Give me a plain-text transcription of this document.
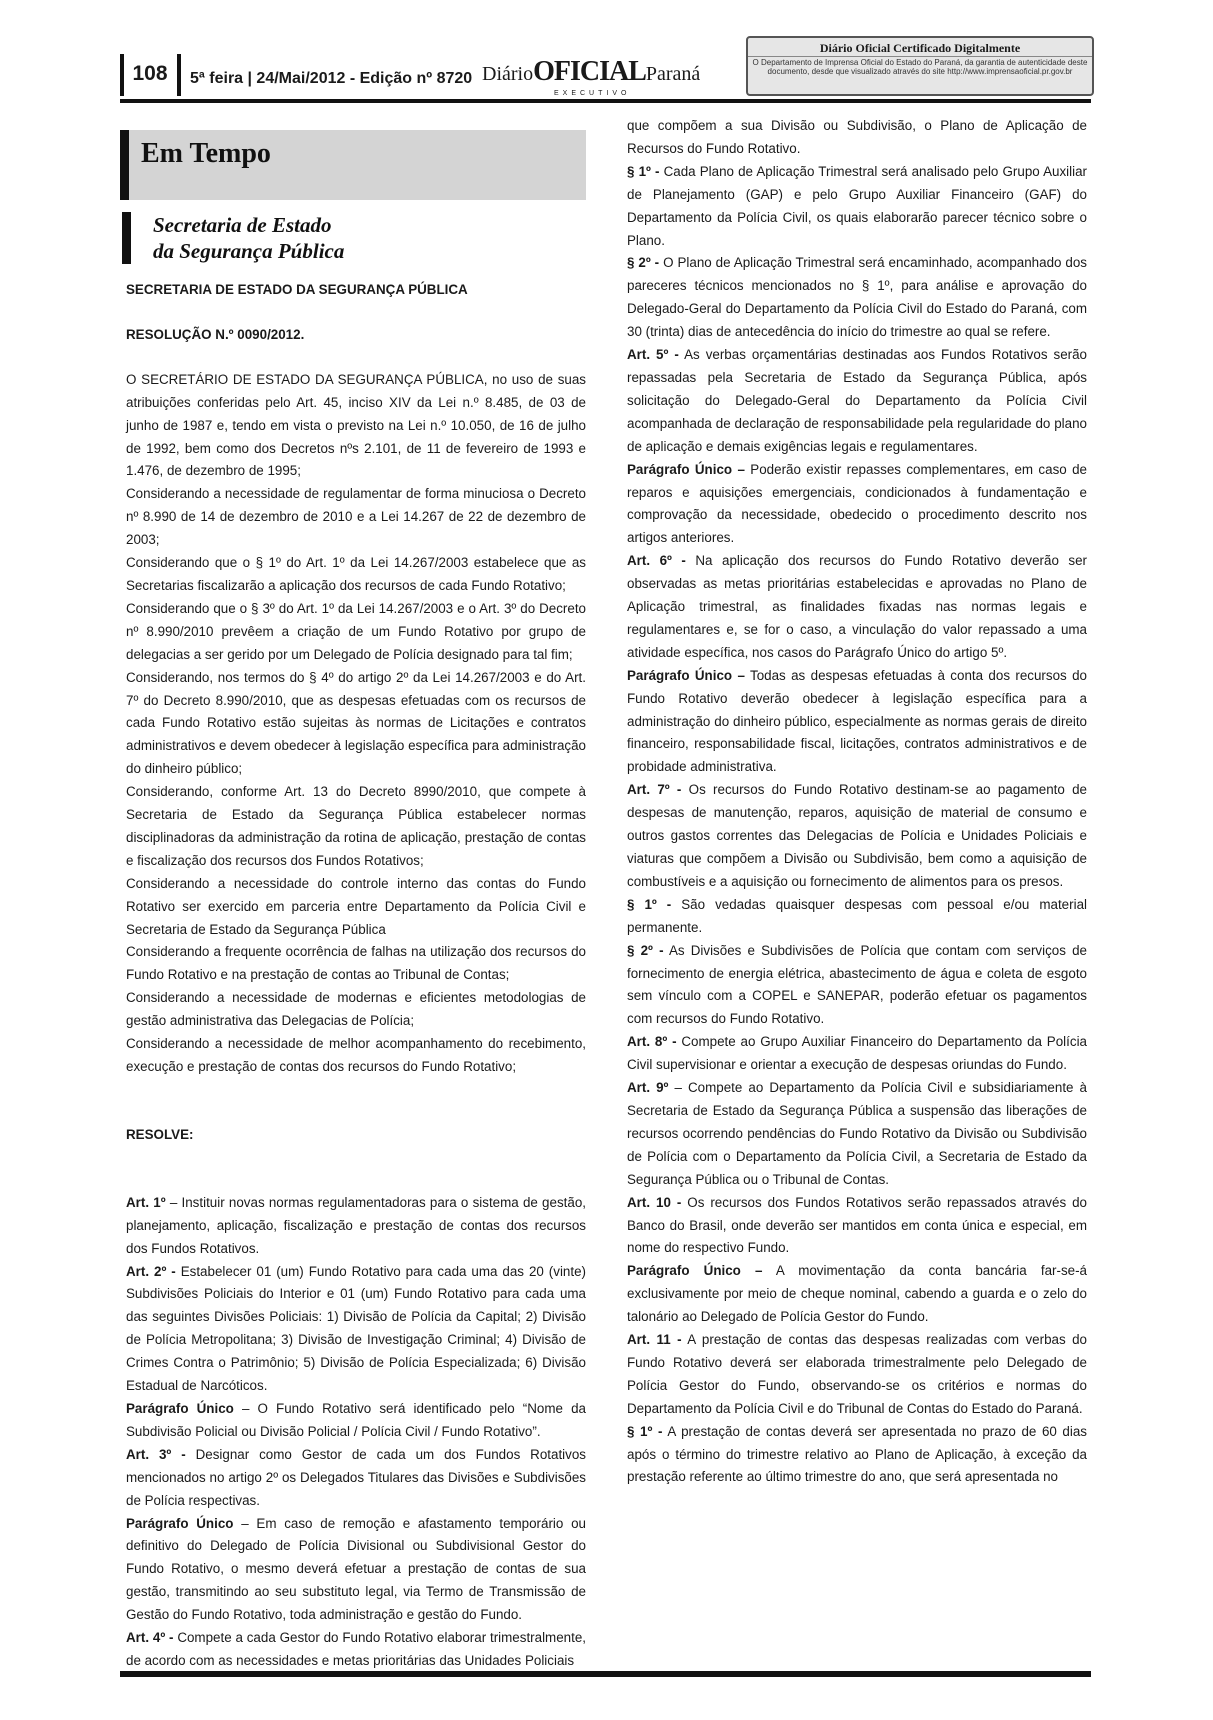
108	5ª feira | 24/Mai/2012 - Edição nº 8720 DiárioOFICIALParaná
EXECUTIVO
Diário Oficial Certificado Digitalmente
O Departamento de Imprensa Oficial do Estado do Paraná, da garantia de autenticidade deste documento, desde que visualizado através do site http://www.imprensaoficial.pr.gov.br
Em Tempo
Secretaria de Estado
da Segurança Pública

SECRETARIA DE ESTADO DA SEGURANÇA PÚBLICA

RESOLUÇÃO N.º 0090/2012.

O SECRETÁRIO DE ESTADO DA SEGURANÇA PÚBLICA, no uso de suas atribuições conferidas pelo Art. 45, inciso XIV da Lei n.º 8.485, de 03 de junho de 1987 e, tendo em vista o previsto na Lei n.º 10.050, de 16 de julho de 1992, bem como dos Decretos nºs 2.101, de 11 de fevereiro de 1993 e 1.476, de dezembro de 1995;

Considerando a necessidade de regulamentar de forma minuciosa o Decreto nº 8.990 de 14 de dezembro de 2010 e a Lei 14.267 de 22 de dezembro de 2003;

Considerando que o § 1º do Art. 1º da Lei 14.267/2003 estabelece que as Secretarias fiscalizarão a aplicação dos recursos de cada Fundo Rotativo;

Considerando que o § 3º do Art. 1º da Lei 14.267/2003 e o Art. 3º do Decreto nº 8.990/2010 prevêem a criação de um Fundo Rotativo por grupo de delegacias a ser gerido por um Delegado de Polícia designado para tal fim;

Considerando, nos termos do § 4º do artigo 2º da Lei 14.267/2003 e do Art. 7º do Decreto 8.990/2010, que as despesas efetuadas com os recursos de cada Fundo Rotativo estão sujeitas às normas de Licitações e contratos administrativos e devem obedecer à legislação específica para administração do dinheiro público;

Considerando, conforme Art. 13 do Decreto 8990/2010, que compete à Secretaria de Estado da Segurança Pública estabelecer normas disciplinadoras da administração da rotina de aplicação, prestação de contas e fiscalização dos recursos dos Fundos Rotativos;

Considerando a necessidade do controle interno das contas do Fundo Rotativo ser exercido em parceria entre Departamento da Polícia Civil e Secretaria de Estado da Segurança Pública

Considerando a frequente ocorrência de falhas na utilização dos recursos do Fundo Rotativo e na prestação de contas ao Tribunal de Contas;

Considerando a necessidade de modernas e eficientes metodologias de gestão administrativa das Delegacias de Polícia;

Considerando a necessidade de melhor acompanhamento do recebimento, execução e prestação de contas dos recursos do Fundo Rotativo;

RESOLVE:

Art. 1º – Instituir novas normas regulamentadoras para o sistema de gestão, planejamento, aplicação, fiscalização e prestação de contas dos recursos dos Fundos Rotativos.

Art. 2º - Estabelecer 01 (um) Fundo Rotativo para cada uma das 20 (vinte) Subdivisões Policiais do Interior e 01 (um) Fundo Rotativo para cada uma das seguintes Divisões Policiais: 1) Divisão de Polícia da Capital; 2) Divisão de Polícia Metropolitana; 3) Divisão de Investigação Criminal; 4) Divisão de Crimes Contra o Patrimônio; 5) Divisão de Polícia Especializada; 6) Divisão Estadual de Narcóticos.

Parágrafo Único – O Fundo Rotativo será identificado pelo “Nome da Subdivisão Policial ou Divisão Policial / Polícia Civil / Fundo Rotativo”.

Art. 3º - Designar como Gestor de cada um dos Fundos Rotativos mencionados no artigo 2º os Delegados Titulares das Divisões e Subdivisões de Polícia respectivas.

Parágrafo Único – Em caso de remoção e afastamento temporário ou definitivo do Delegado de Polícia Divisional ou Subdivisional Gestor do Fundo Rotativo, o mesmo deverá efetuar a prestação de contas de sua gestão, transmitindo ao seu substituto legal, via Termo de Transmissão de Gestão do Fundo Rotativo, toda administração e gestão do Fundo.

Art. 4º - Compete a cada Gestor do Fundo Rotativo elaborar trimestralmente, de acordo com as necessidades e metas prioritárias das Unidades Policiais

que compõem a sua Divisão ou Subdivisão, o Plano de Aplicação de Recursos do Fundo Rotativo.

§ 1º - Cada Plano de Aplicação Trimestral será analisado pelo Grupo Auxiliar de Planejamento (GAP) e pelo Grupo Auxiliar Financeiro (GAF) do Departamento da Polícia Civil, os quais elaborarão parecer técnico sobre o Plano.

§ 2º - O Plano de Aplicação Trimestral será encaminhado, acompanhado dos pareceres técnicos mencionados no § 1º, para análise e aprovação do Delegado-Geral do Departamento da Polícia Civil do Estado do Paraná, com 30 (trinta) dias de antecedência do início do trimestre ao qual se refere.

Art. 5º - As verbas orçamentárias destinadas aos Fundos Rotativos serão repassadas pela Secretaria de Estado da Segurança Pública, após solicitação do Delegado-Geral do Departamento da Polícia Civil acompanhada de declaração de responsabilidade pela regularidade do plano de aplicação e demais exigências legais e regulamentares.

Parágrafo Único – Poderão existir repasses complementares, em caso de reparos e aquisições emergenciais, condicionados à fundamentação e comprovação da necessidade, obedecido o procedimento descrito nos artigos anteriores.

Art. 6º - Na aplicação dos recursos do Fundo Rotativo deverão ser observadas as metas prioritárias estabelecidas e aprovadas no Plano de Aplicação trimestral, as finalidades fixadas nas normas legais e regulamentares e, se for o caso, a vinculação do valor repassado a uma atividade específica, nos casos do Parágrafo Único do artigo 5º.

Parágrafo Único – Todas as despesas efetuadas à conta dos recursos do Fundo Rotativo deverão obedecer à legislação específica para a administração do dinheiro público, especialmente as normas gerais de direito financeiro, responsabilidade fiscal, licitações, contratos administrativos e de probidade administrativa.

Art. 7º - Os recursos do Fundo Rotativo destinam-se ao pagamento de despesas de manutenção, reparos, aquisição de material de consumo e outros gastos correntes das Delegacias de Polícia e Unidades Policiais e viaturas que compõem a Divisão ou Subdivisão, bem como a aquisição de combustíveis e a aquisição ou fornecimento de alimentos para os presos.

§ 1º - São vedadas quaisquer despesas com pessoal e/ou material permanente.

§ 2º - As Divisões e Subdivisões de Polícia que contam com serviços de fornecimento de energia elétrica, abastecimento de água e coleta de esgoto sem vínculo com a COPEL e SANEPAR, poderão efetuar os pagamentos com recursos do Fundo Rotativo.

Art. 8º - Compete ao Grupo Auxiliar Financeiro do Departamento da Polícia Civil supervisionar e orientar a execução de despesas oriundas do Fundo.

Art. 9º – Compete ao Departamento da Polícia Civil e subsidiariamente à Secretaria de Estado da Segurança Pública a suspensão das liberações de recursos ocorrendo pendências do Fundo Rotativo da Divisão ou Subdivisão de Polícia com o Departamento da Polícia Civil, a Secretaria de Estado da Segurança Pública ou o Tribunal de Contas.

Art. 10 - Os recursos dos Fundos Rotativos serão repassados através do Banco do Brasil, onde deverão ser mantidos em conta única e especial, em nome do respectivo Fundo.

Parágrafo Único – A movimentação da conta bancária far-se-á exclusivamente por meio de cheque nominal, cabendo a guarda e o zelo do talonário ao Delegado de Polícia Gestor do Fundo.

Art. 11 - A prestação de contas das despesas realizadas com verbas do Fundo Rotativo deverá ser elaborada trimestralmente pelo Delegado de Polícia Gestor do Fundo, observando-se os critérios e normas do Departamento da Polícia Civil e do Tribunal de Contas do Estado do Paraná.

§ 1º - A prestação de contas deverá ser apresentada no prazo de 60 dias após o término do trimestre relativo ao Plano de Aplicação, à exceção da prestação referente ao último trimestre do ano, que será apresentada no
